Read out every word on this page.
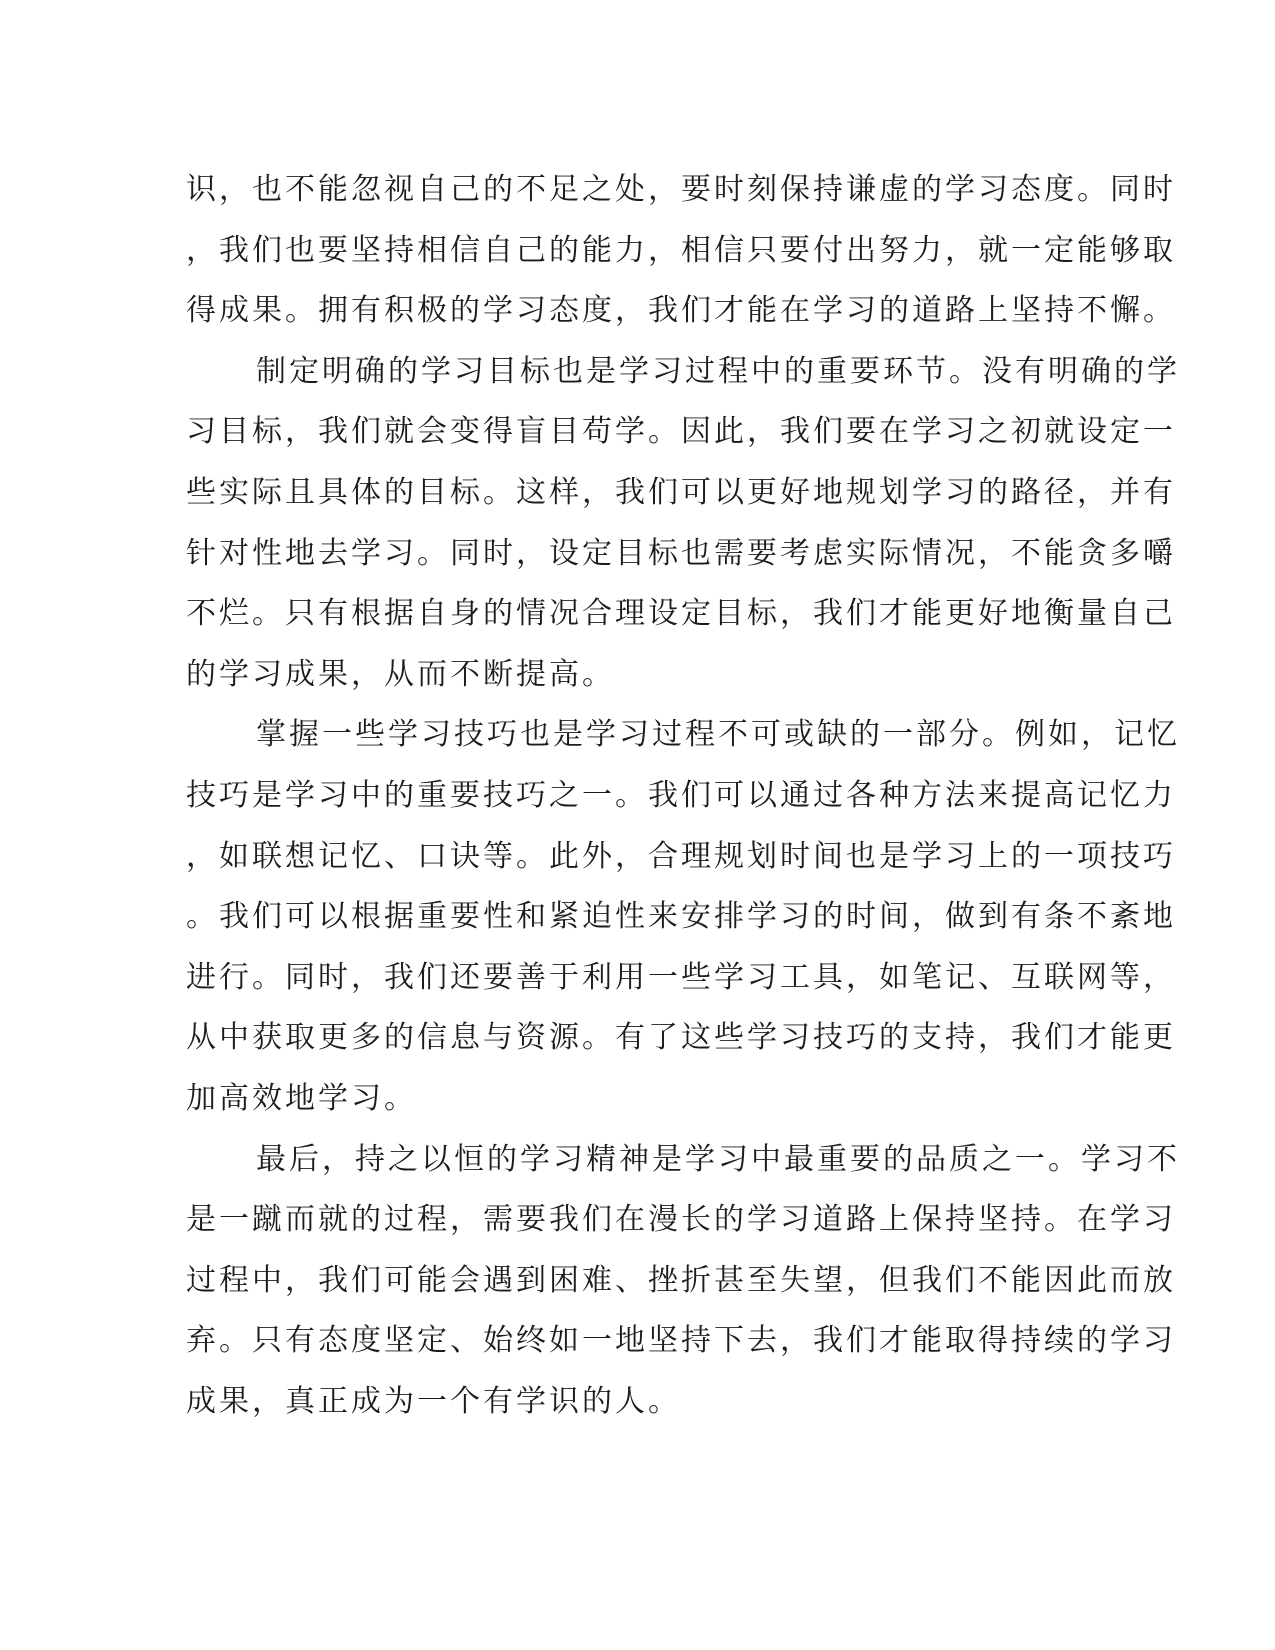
识，也不能忽视自己的不足之处，要时刻保持谦虚的学习态度。同时
，我们也要坚持相信自己的能力，相信只要付出努力，就一定能够取
得成果。拥有积极的学习态度，我们才能在学习的道路上坚持不懈。
制定明确的学习目标也是学习过程中的重要环节。没有明确的学
习目标，我们就会变得盲目苟学。因此，我们要在学习之初就设定一
些实际且具体的目标。这样，我们可以更好地规划学习的路径，并有
针对性地去学习。同时，设定目标也需要考虑实际情况，不能贪多嚼
不烂。只有根据自身的情况合理设定目标，我们才能更好地衡量自己
的学习成果，从而不断提高。
掌握一些学习技巧也是学习过程不可或缺的一部分。例如，记忆
技巧是学习中的重要技巧之一。我们可以通过各种方法来提高记忆力
，如联想记忆、口诀等。此外，合理规划时间也是学习上的一项技巧
。我们可以根据重要性和紧迫性来安排学习的时间，做到有条不紊地
进行。同时，我们还要善于利用一些学习工具，如笔记、互联网等，
从中获取更多的信息与资源。有了这些学习技巧的支持，我们才能更
加高效地学习。
最后，持之以恒的学习精神是学习中最重要的品质之一。学习不
是一蹴而就的过程，需要我们在漫长的学习道路上保持坚持。在学习
过程中，我们可能会遇到困难、挫折甚至失望，但我们不能因此而放
弃。只有态度坚定、始终如一地坚持下去，我们才能取得持续的学习
成果，真正成为一个有学识的人。
